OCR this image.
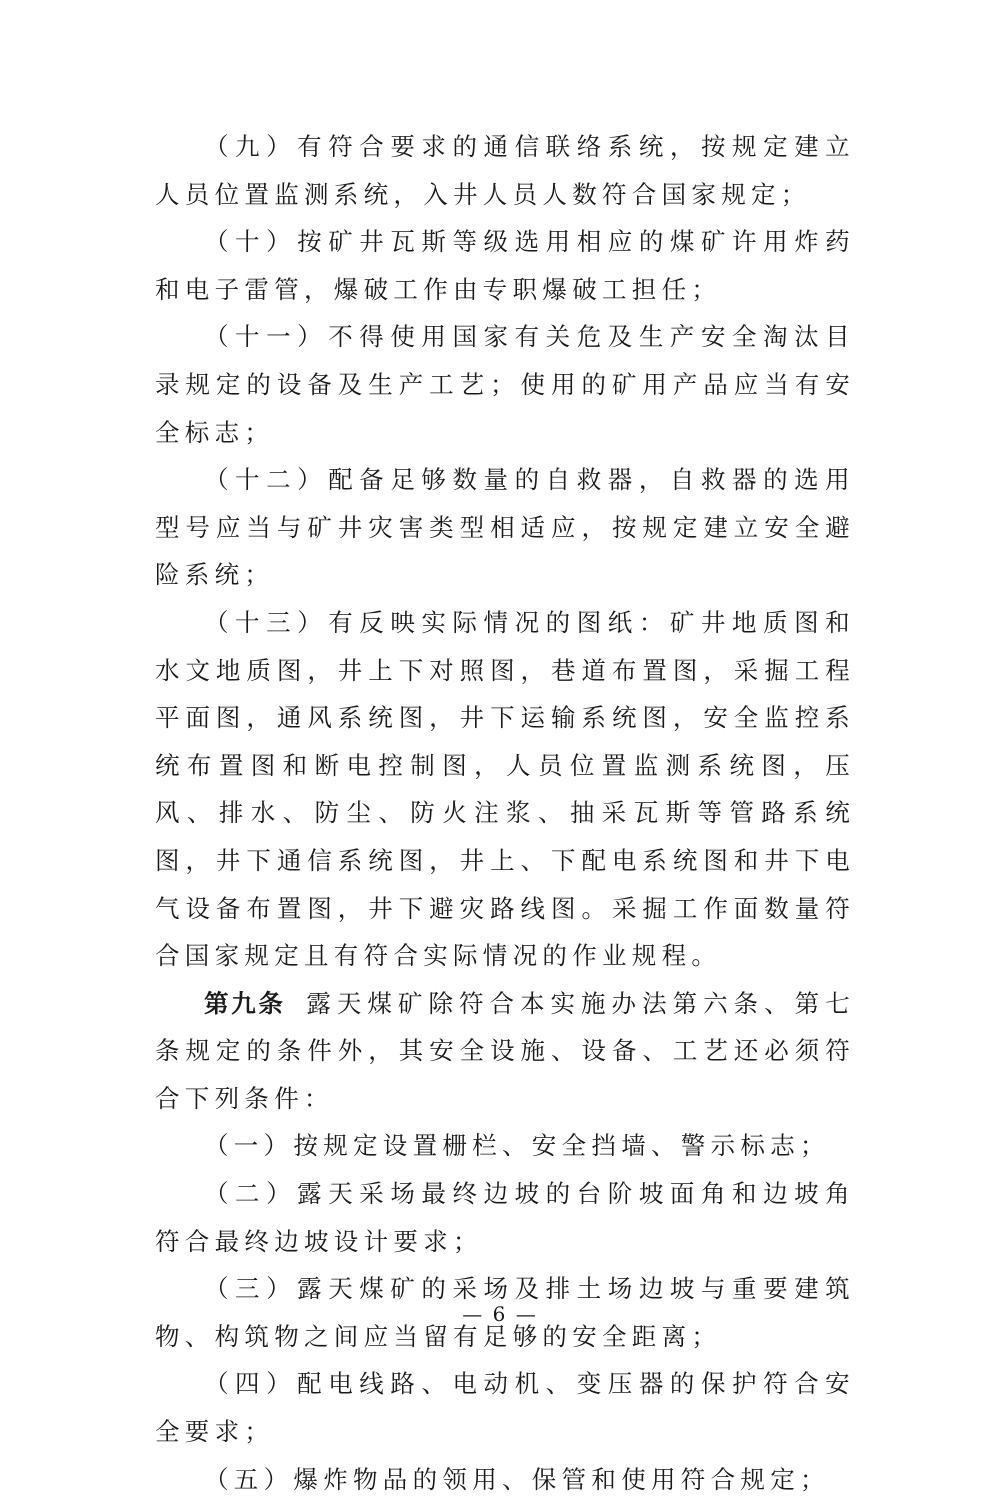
（九）有符合要求的通信联络系统，按规定建立人员位置监测系统，入井人员人数符合国家规定；

（十）按矿井瓦斯等级选用相应的煤矿许用炸药和电子雷管，爆破工作由专职爆破工担任；

（十一）不得使用国家有关危及生产安全淘汰目录规定的设备及生产工艺；使用的矿用产品应当有安全标志；

（十二）配备足够数量的自救器，自救器的选用型号应当与矿井灾害类型相适应，按规定建立安全避险系统；

（十三）有反映实际情况的图纸：矿井地质图和水文地质图，井上下对照图，巷道布置图，采掘工程平面图，通风系统图，井下运输系统图，安全监控系统布置图和断电控制图，人员位置监测系统图，压风、排水、防尘、防火注浆、抽采瓦斯等管路系统图，井下通信系统图，井上、下配电系统图和井下电气设备布置图，井下避灾路线图。采掘工作面数量符合国家规定且有符合实际情况的作业规程。

第九条 露天煤矿除符合本实施办法第六条、第七条规定的条件外，其安全设施、设备、工艺还必须符合下列条件：

（一）按规定设置栅栏、安全挡墙、警示标志；

（二）露天采场最终边坡的台阶坡面角和边坡角符合最终边坡设计要求；

（三）露天煤矿的采场及排土场边坡与重要建筑物、构筑物之间应当留有足够的安全距离；

（四）配电线路、电动机、变压器的保护符合安全要求；

（五）爆炸物品的领用、保管和使用符合规定；

— 6 —
